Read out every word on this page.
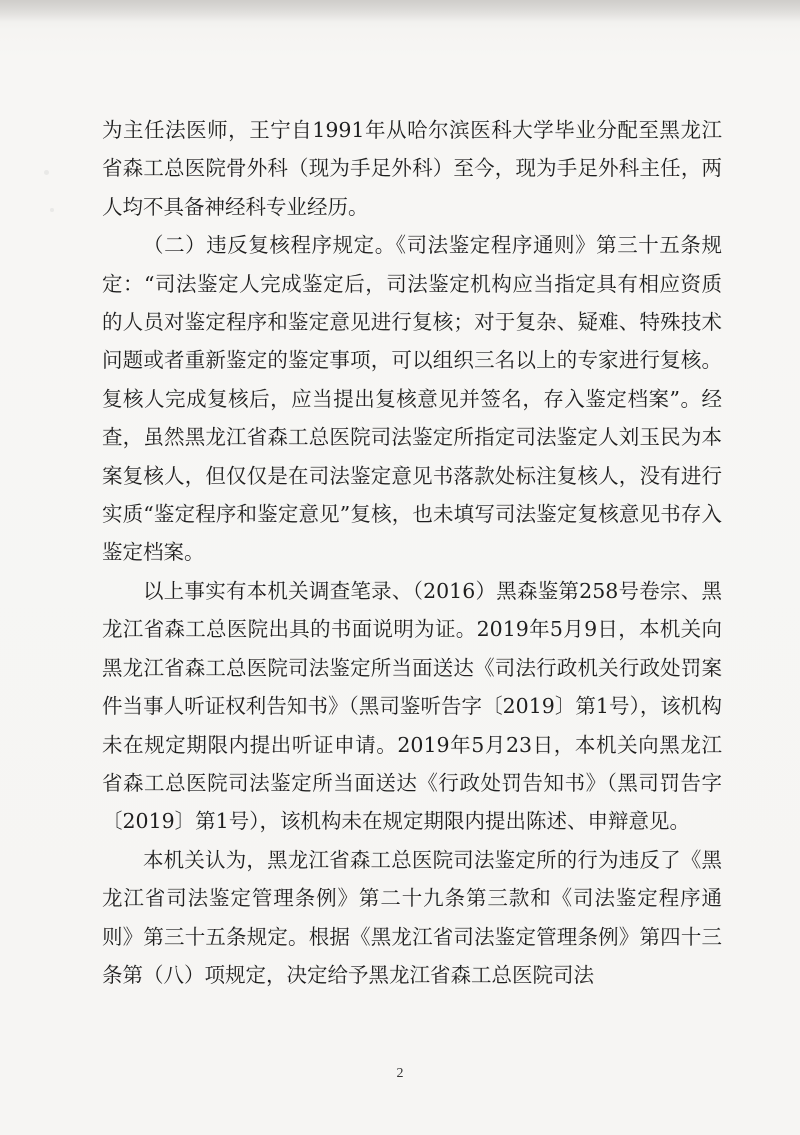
为主任法医师，王宁自1991年从哈尔滨医科大学毕业分配至黑龙江省森工总医院骨外科（现为手足外科）至今，现为手足外科主任，两人均不具备神经科专业经历。

（二）违反复核程序规定。《司法鉴定程序通则》第三十五条规定：“司法鉴定人完成鉴定后，司法鉴定机构应当指定具有相应资质的人员对鉴定程序和鉴定意见进行复核；对于复杂、疑难、特殊技术问题或者重新鉴定的鉴定事项，可以组织三名以上的专家进行复核。复核人完成复核后，应当提出复核意见并签名，存入鉴定档案”。经查，虽然黑龙江省森工总医院司法鉴定所指定司法鉴定人刘玉民为本案复核人，但仅仅是在司法鉴定意见书落款处标注复核人，没有进行实质“鉴定程序和鉴定意见”复核，也未填写司法鉴定复核意见书存入鉴定档案。

以上事实有本机关调查笔录、（2016）黑森鉴第258号卷宗、黑龙江省森工总医院出具的书面说明为证。2019年5月9日，本机关向黑龙江省森工总医院司法鉴定所当面送达《司法行政机关行政处罚案件当事人听证权利告知书》（黑司鉴听告字〔2019〕第1号），该机构未在规定期限内提出听证申请。2019年5月23日，本机关向黑龙江省森工总医院司法鉴定所当面送达《行政处罚告知书》（黑司罚告字〔2019〕第1号），该机构未在规定期限内提出陈述、申辩意见。

本机关认为，黑龙江省森工总医院司法鉴定所的行为违反了《黑龙江省司法鉴定管理条例》第二十九条第三款和《司法鉴定程序通则》第三十五条规定。根据《黑龙江省司法鉴定管理条例》第四十三条第（八）项规定，决定给予黑龙江省森工总医院司法

2
